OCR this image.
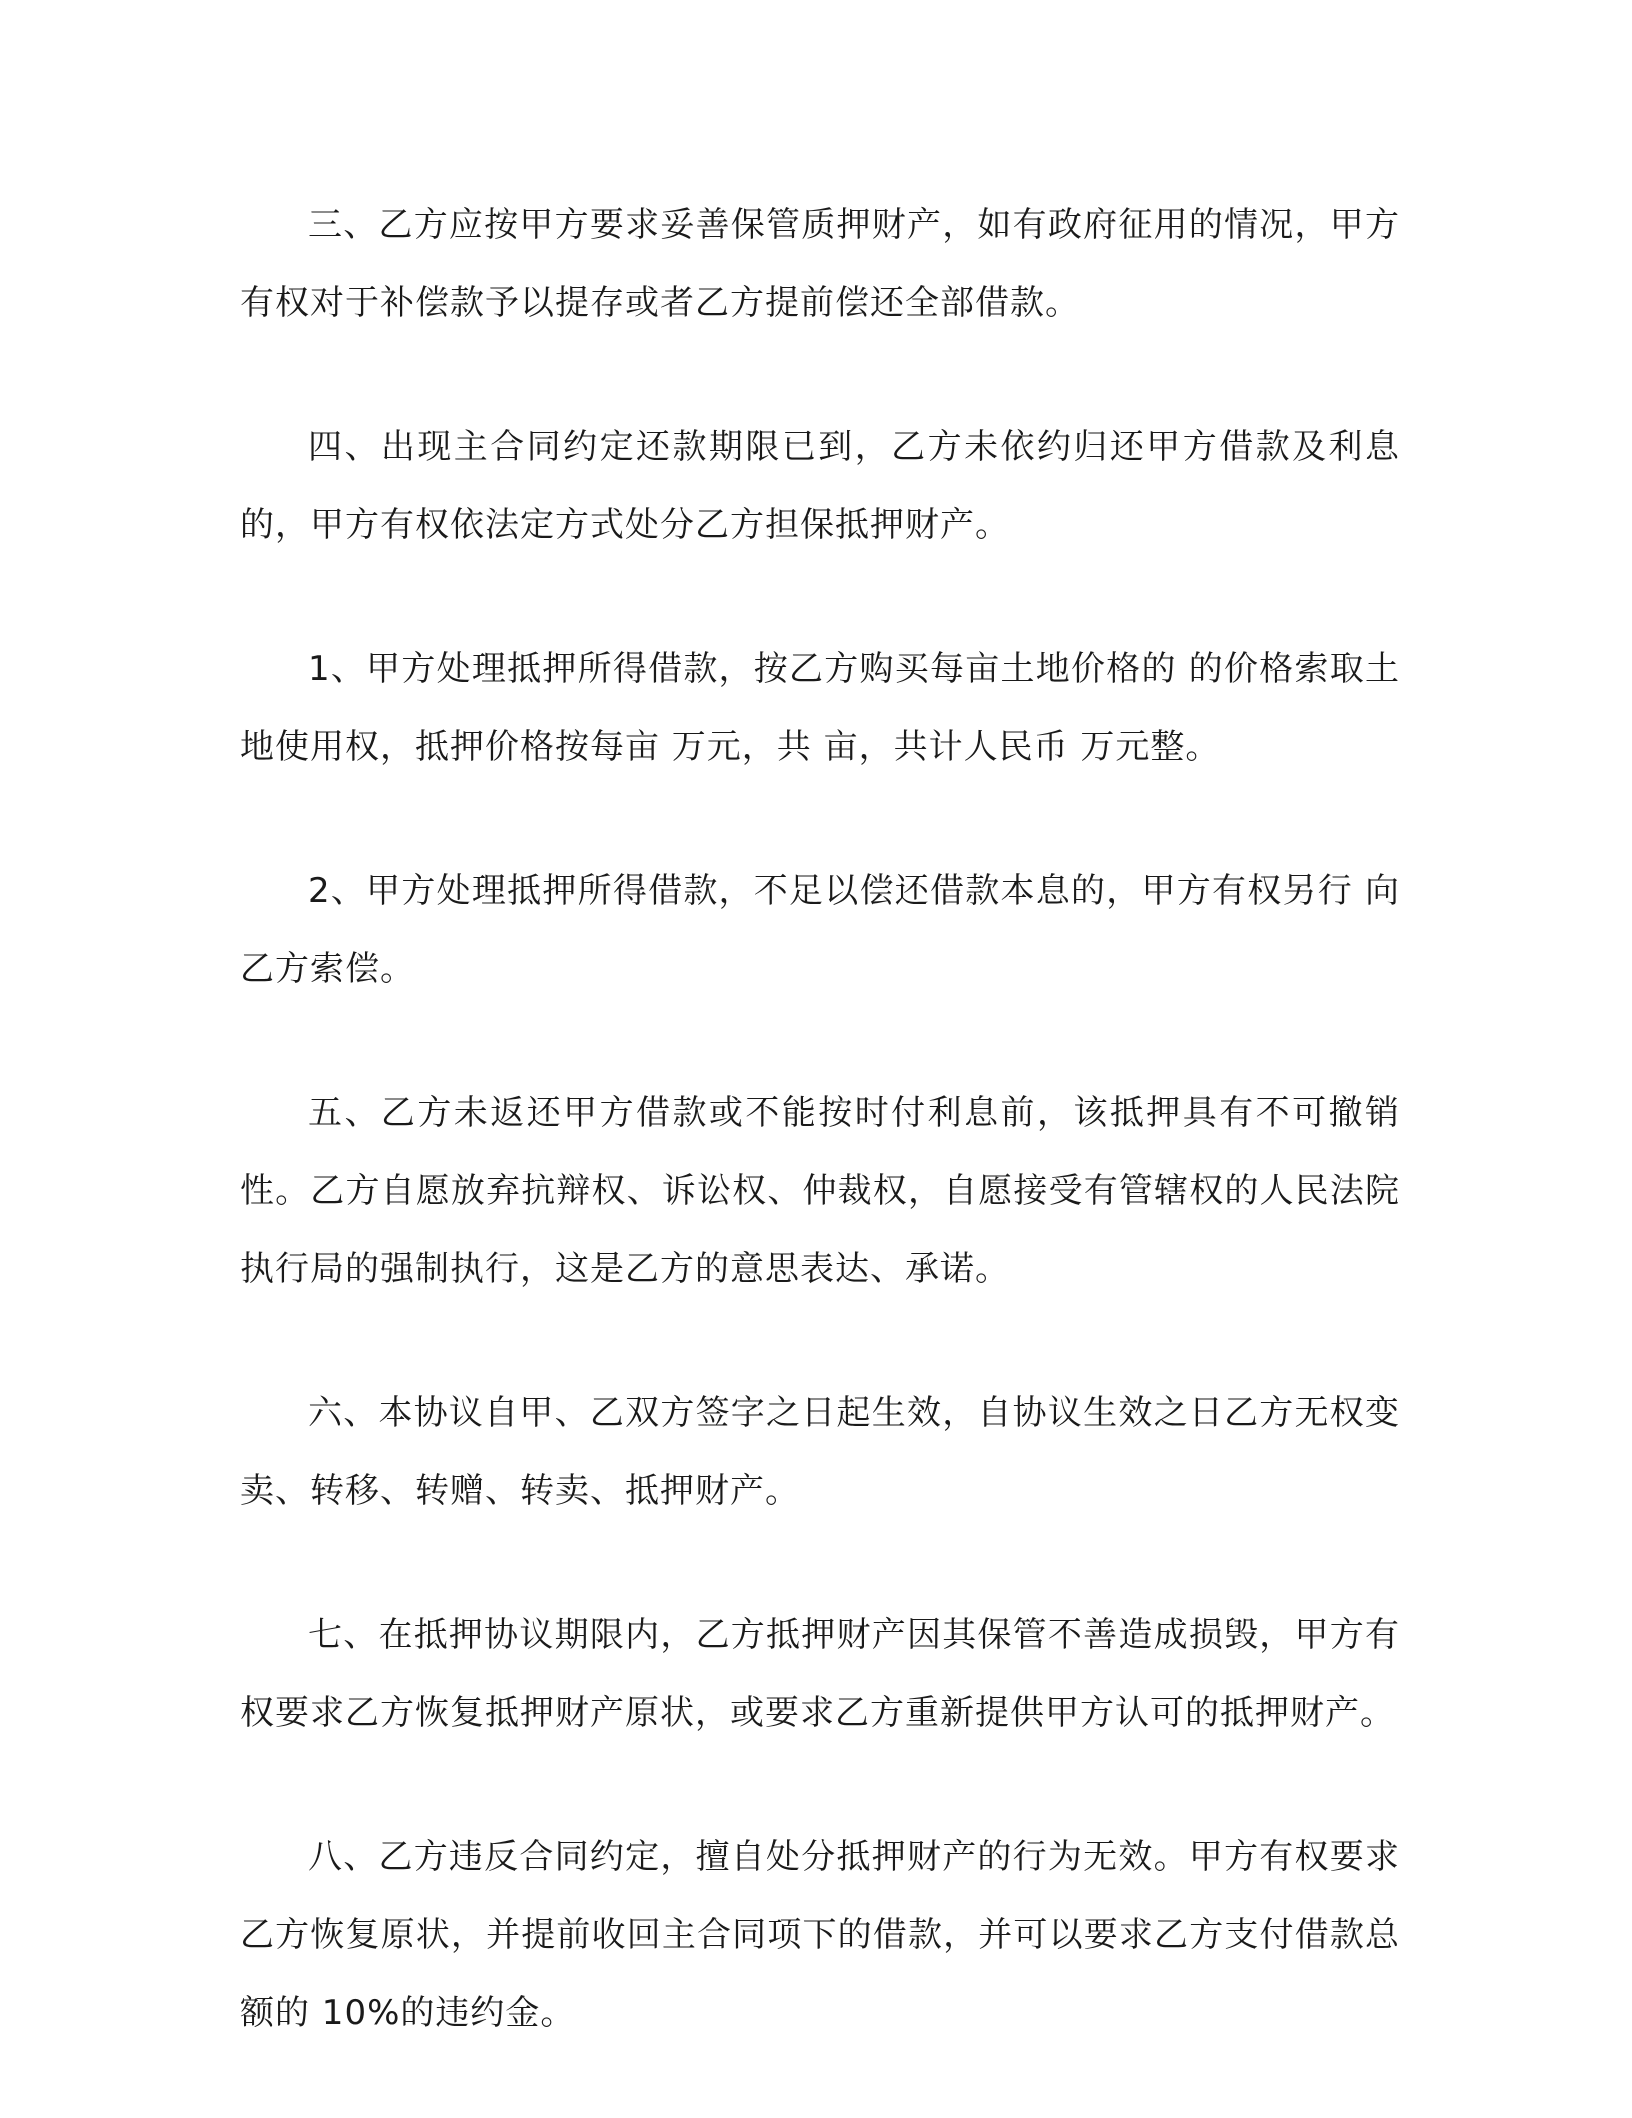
三、乙方应按甲方要求妥善保管质押财产，如有政府征用的情况，甲方有权对于补偿款予以提存或者乙方提前偿还全部借款。

四、出现主合同约定还款期限已到，乙方未依约归还甲方借款及利息的，甲方有权依法定方式处分乙方担保抵押财产。

1、甲方处理抵押所得借款，按乙方购买每亩土地价格的 的价格索取土地使用权，抵押价格按每亩 万元，共 亩，共计人民币 万元整。

2、甲方处理抵押所得借款，不足以偿还借款本息的，甲方有权另行 向乙方索偿。

五、乙方未返还甲方借款或不能按时付利息前，该抵押具有不可撤销性。乙方自愿放弃抗辩权、诉讼权、仲裁权，自愿接受有管辖权的人民法院执行局的强制执行，这是乙方的意思表达、承诺。

六、本协议自甲、乙双方签字之日起生效，自协议生效之日乙方无权变卖、转移、转赠、转卖、抵押财产。

七、在抵押协议期限内，乙方抵押财产因其保管不善造成损毁，甲方有权要求乙方恢复抵押财产原状，或要求乙方重新提供甲方认可的抵押财产。

八、乙方违反合同约定，擅自处分抵押财产的行为无效。甲方有权要求乙方恢复原状，并提前收回主合同项下的借款，并可以要求乙方支付借款总额的 10%的违约金。
